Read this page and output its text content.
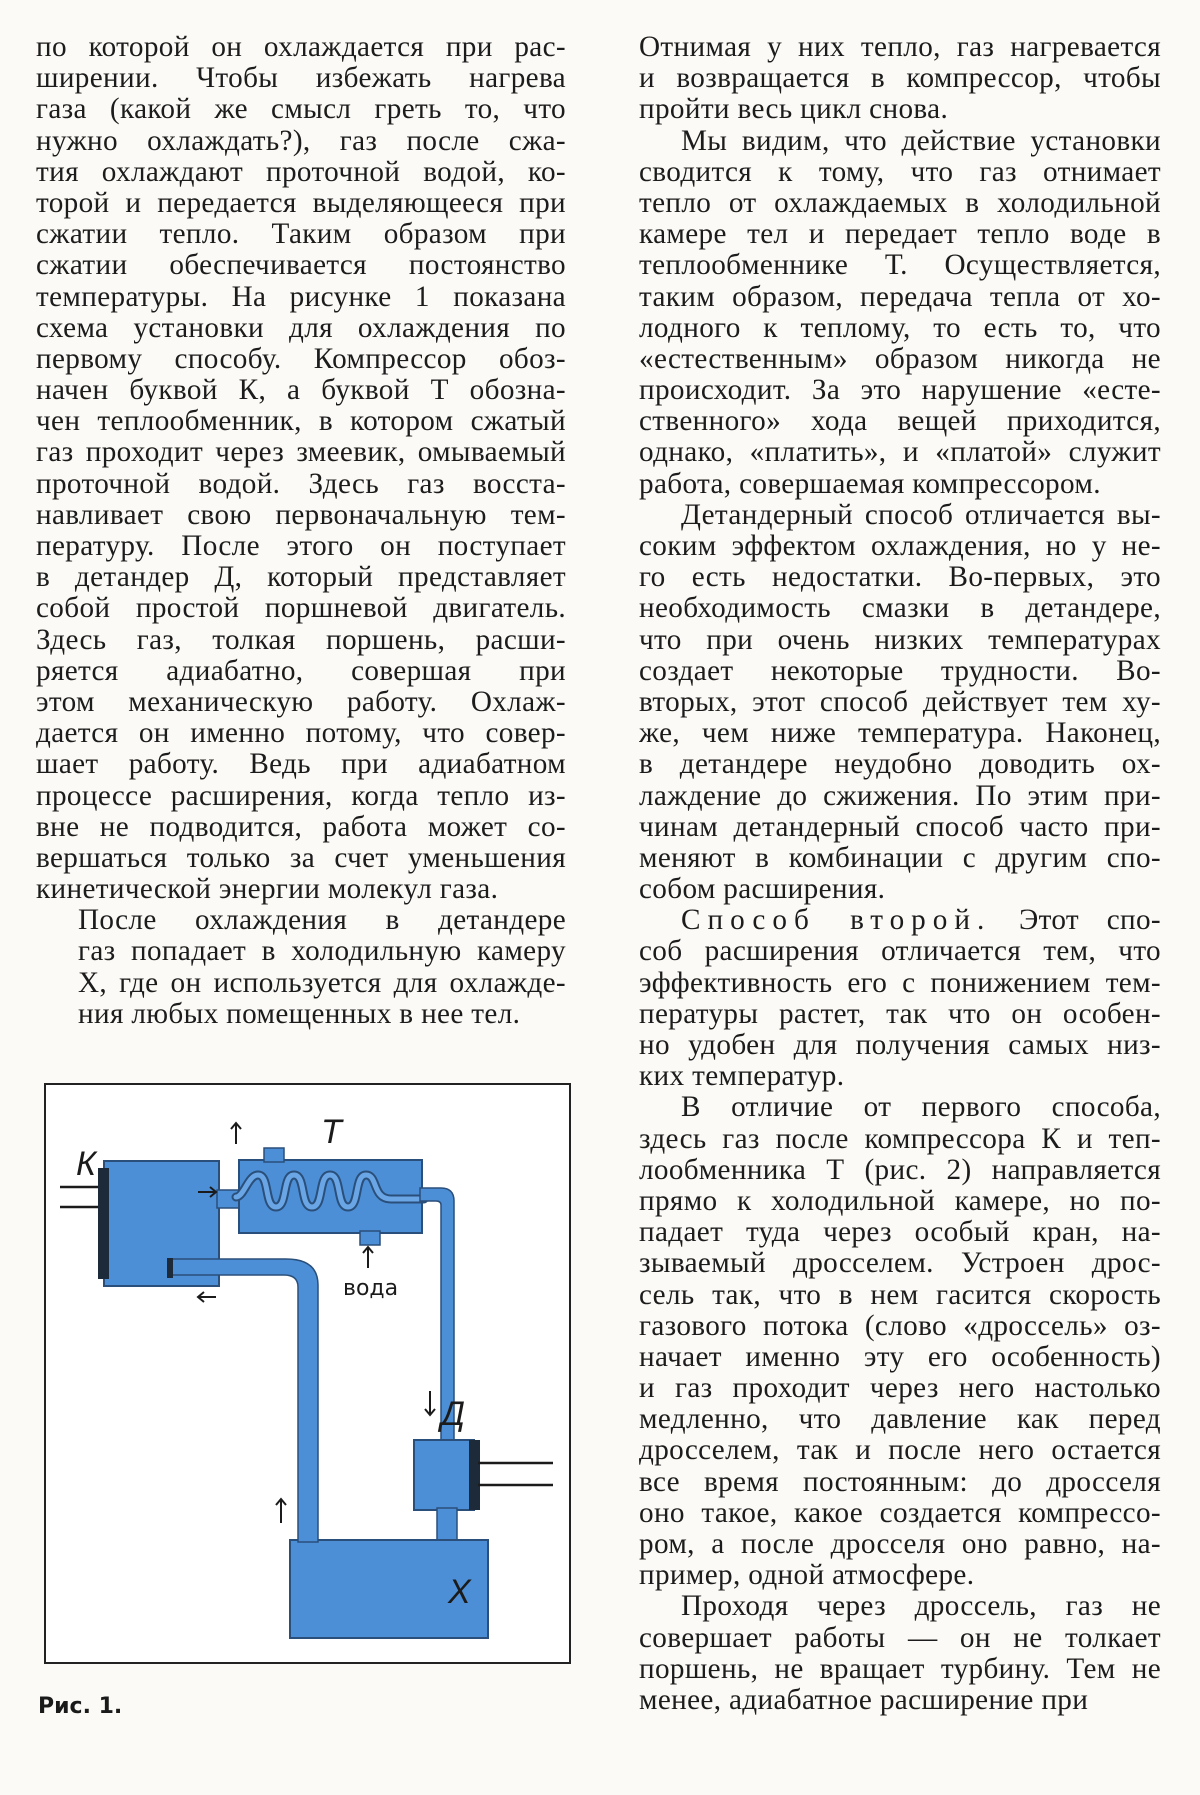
по которой он охлаждается при рас-
ширении. Чтобы избежать нагрева
газа (какой же смысл греть то, что
нужно охлаждать?), газ после сжа-
тия охлаждают проточной водой, ко-
торой и передается выделяющееся при
сжатии тепло. Таким образом при
сжатии обеспечивается постоянство
температуры. На рисунке 1 показана
схема установки для охлаждения по
первому способу. Компрессор обоз-
начен буквой К, а буквой Т обозна-
чен теплообменник, в котором сжатый
газ проходит через змеевик, омываемый
проточной водой. Здесь газ восста-
навливает свою первоначальную тем-
пературу. После этого он поступает
в детандер Д, который представляет
собой простой поршневой двигатель.
Здесь газ, толкая поршень, расши-
ряется адиабатно, совершая при
этом механическую работу. Охлаж-
дается он именно потому, что совер-
шает работу. Ведь при адиабатном
процессе расширения, когда тепло из-
вне не подводится, работа может со-
вершаться только за счет уменьшения
кинетической энергии молекул газа.

После охлаждения в детандере
газ попадает в холодильную камеру
Х, где он используется для охлажде-
ния любых помещенных в нее тел.

Отнимая у них тепло, газ нагревается
и возвращается в компрессор, чтобы
пройти весь цикл снова.

Мы видим, что действие установки
сводится к тому, что газ отнимает
тепло от охлаждаемых в холодильной
камере тел и передает тепло воде в
теплообменнике Т. Осуществляется,
таким образом, передача тепла от хо-
лодного к теплому, то есть то, что
«естественным» образом никогда не
происходит. За это нарушение «есте-
ственного» хода вещей приходится,
однако, «платить», и «платой» служит
работа, совершаемая компрессором.

Детандерный способ отличается вы-
соким эффектом охлаждения, но у не-
го есть недостатки. Во-первых, это
необходимость смазки в детандере,
что при очень низких температурах
создает некоторые трудности. Во-
вторых, этот способ действует тем ху-
же, чем ниже температура. Наконец,
в детандере неудобно доводить ох-
лаждение до сжижения. По этим при-
чинам детандерный способ часто при-
меняют в комбинации с другим спо-
собом расширения.

Способ второй. Этот спо-
соб расширения отличается тем, что
эффективность его с понижением тем-
пературы растет, так что он особен-
но удобен для получения самых низ-
ких температур.

В отличие от первого способа,
здесь газ после компрессора К и теп-
лообменника Т (рис. 2) направляется
прямо к холодильной камере, но по-
падает туда через особый кран, на-
зываемый дросселем. Устроен дрос-
сель так, что в нем гасится скорость
газового потока (слово «дроссель» оз-
начает именно эту его особенность)
и газ проходит через него настолько
медленно, что давление как перед
дросселем, так и после него остается
все время постоянным: до дросселя
оно такое, какое создается компрессо-
ром, а после дросселя оно равно, на-
пример, одной атмосфере.

Проходя через дроссель, газ не
совершает работы — он не толкает
поршень, не вращает турбину. Тем не
менее, адиабатное расширение при

К
Т
Д
Х
вода
Рис. 1.
